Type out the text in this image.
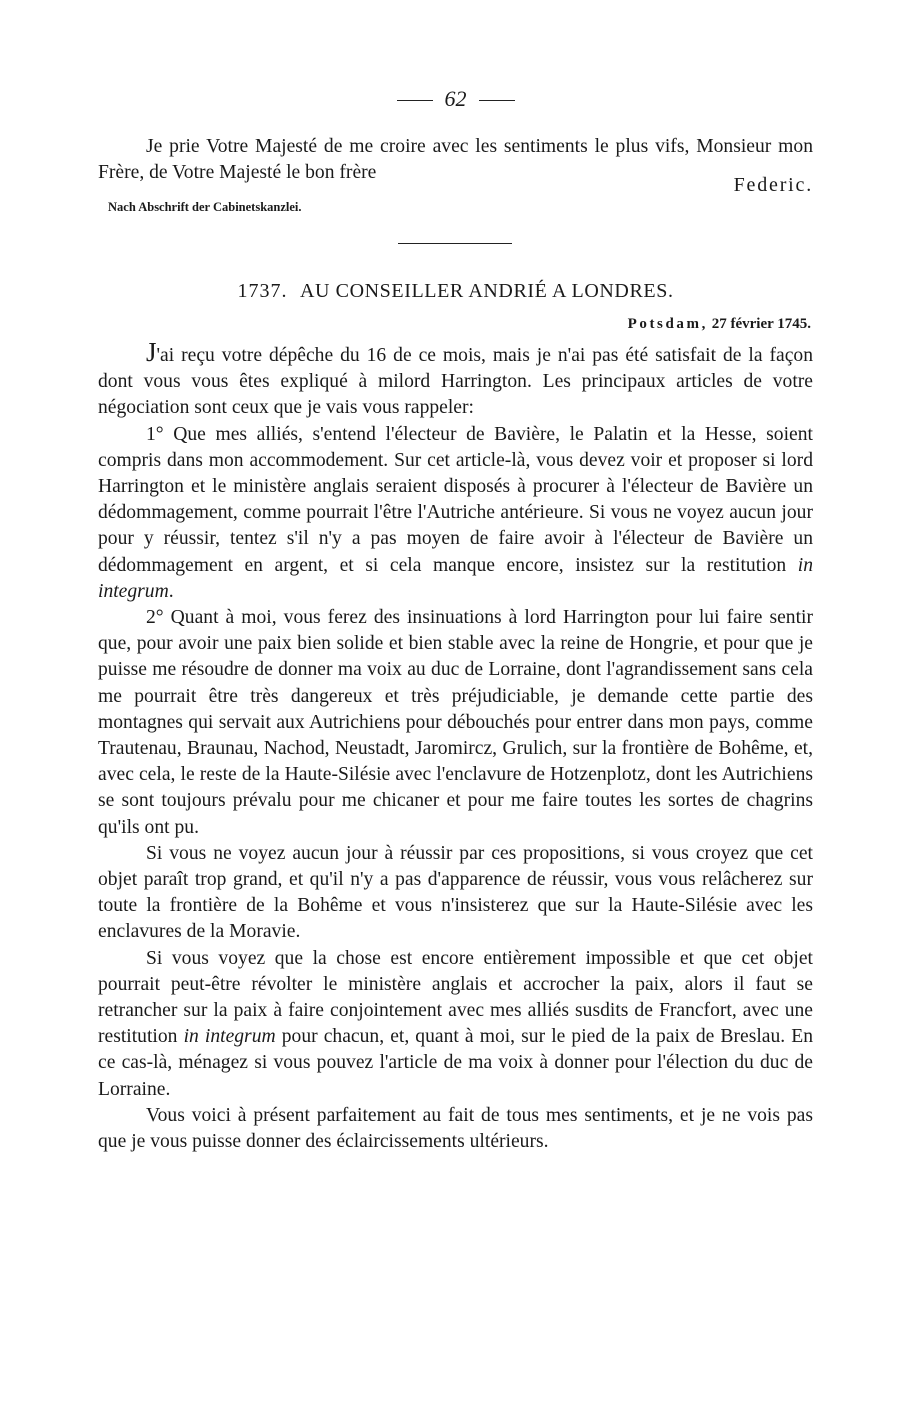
62

Je prie Votre Majesté de me croire avec les sentiments le plus vifs, Monsieur mon Frère, de Votre Majesté le bon frère

Federic.
Nach Abschrift der Cabinetskanzlei.
1737. AU CONSEILLER ANDRIÉ A LONDRES.
Potsdam, 27 février 1745.

J'ai reçu votre dépêche du 16 de ce mois, mais je n'ai pas été satisfait de la façon dont vous vous êtes expliqué à milord Harrington. Les principaux articles de votre négociation sont ceux que je vais vous rappeler:

1° Que mes alliés, s'entend l'électeur de Bavière, le Palatin et la Hesse, soient compris dans mon accommodement. Sur cet article-là, vous devez voir et proposer si lord Harrington et le ministère anglais seraient disposés à procurer à l'électeur de Bavière un dédommagement, comme pourrait l'être l'Autriche antérieure. Si vous ne voyez aucun jour pour y réussir, tentez s'il n'y a pas moyen de faire avoir à l'électeur de Bavière un dédommagement en argent, et si cela manque encore, insistez sur la restitution in integrum.

2° Quant à moi, vous ferez des insinuations à lord Harrington pour lui faire sentir que, pour avoir une paix bien solide et bien stable avec la reine de Hongrie, et pour que je puisse me résoudre de donner ma voix au duc de Lorraine, dont l'agrandissement sans cela me pourrait être très dangereux et très préjudiciable, je demande cette partie des montagnes qui servait aux Autrichiens pour débouchés pour entrer dans mon pays, comme Trautenau, Braunau, Nachod, Neustadt, Jaromircz, Grulich, sur la frontière de Bohême, et, avec cela, le reste de la Haute-Silésie avec l'enclavure de Hotzenplotz, dont les Autrichiens se sont toujours prévalu pour me chicaner et pour me faire toutes les sortes de chagrins qu'ils ont pu.

Si vous ne voyez aucun jour à réussir par ces propositions, si vous croyez que cet objet paraît trop grand, et qu'il n'y a pas d'apparence de réussir, vous vous relâcherez sur toute la frontière de la Bohême et vous n'insisterez que sur la Haute-Silésie avec les enclavures de la Moravie.

Si vous voyez que la chose est encore entièrement impossible et que cet objet pourrait peut-être révolter le ministère anglais et accrocher la paix, alors il faut se retrancher sur la paix à faire conjointement avec mes alliés susdits de Francfort, avec une restitution in integrum pour chacun, et, quant à moi, sur le pied de la paix de Breslau. En ce cas-là, ménagez si vous pouvez l'article de ma voix à donner pour l'élection du duc de Lorraine.

Vous voici à présent parfaitement au fait de tous mes sentiments, et je ne vois pas que je vous puisse donner des éclaircissements ultérieurs.
